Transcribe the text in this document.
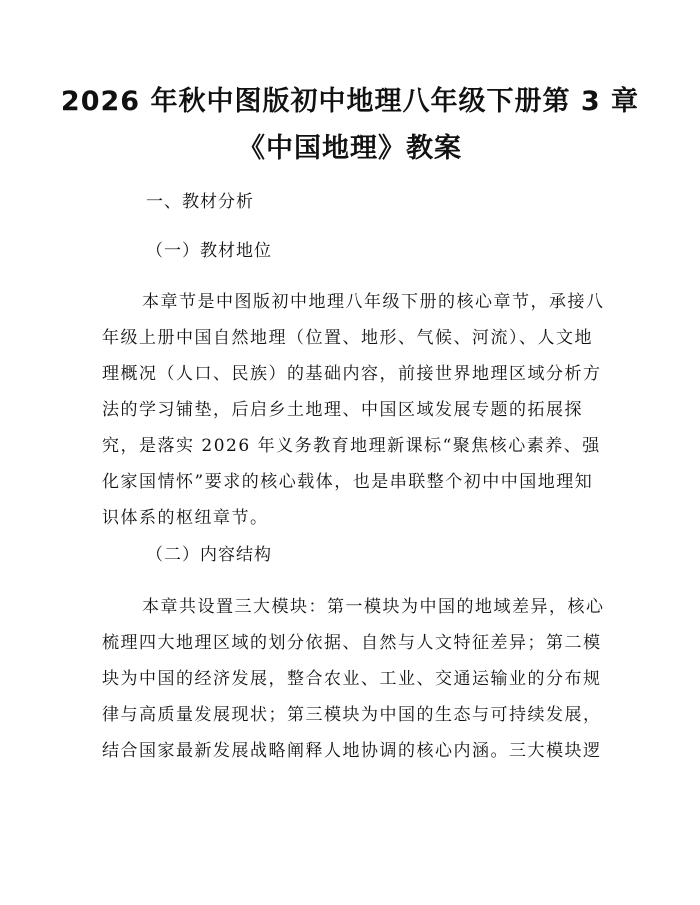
2026 年秋中图版初中地理八年级下册第 3 章
《中国地理》教案
一、教材分析
（一）教材地位
本章节是中图版初中地理八年级下册的核心章节，承接八
年级上册中国自然地理（位置、地形、气候、河流）、人文地
理概况（人口、民族）的基础内容，前接世界地理区域分析方
法的学习铺垫，后启乡土地理、中国区域发展专题的拓展探
究，是落实 2026 年义务教育地理新课标“聚焦核心素养、强
化家国情怀”要求的核心载体，也是串联整个初中中国地理知
识体系的枢纽章节。
（二）内容结构
本章共设置三大模块：第一模块为中国的地域差异，核心
梳理四大地理区域的划分依据、自然与人文特征差异；第二模
块为中国的经济发展，整合农业、工业、交通运输业的分布规
律与高质量发展现状；第三模块为中国的生态与可持续发展，
结合国家最新发展战略阐释人地协调的核心内涵。三大模块逻
